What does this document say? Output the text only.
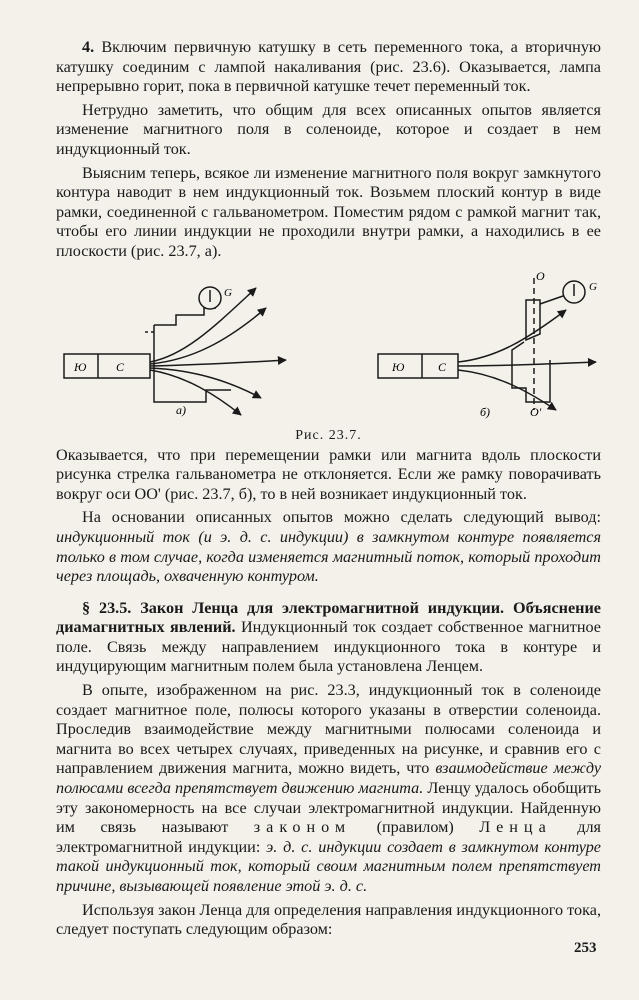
4. Включим первичную катушку в сеть переменного тока, а вторичную катушку соединим с лампой накаливания (рис. 23.6). Оказывается, лампа непрерывно горит, пока в первичной катушке течет переменный ток.

Нетрудно заметить, что общим для всех описанных опытов является изменение магнитного поля в соленоиде, которое и создает в нем индукционный ток.

Выясним теперь, всякое ли изменение магнитного поля вокруг замкнутого контура наводит в нем индукционный ток. Возьмем плоский контур в виде рамки, соединенной с гальванометром. Поместим рядом с рамкой магнит так, чтобы его линии индукции не проходили внутри рамки, а находились в ее плоскости (рис. 23.7, а).

Ю С
G
Ю	С
О
О'
G
а)	б)
Рис. 23.7.

Оказывается, что при перемещении рамки или магнита вдоль плоскости рисунка стрелка гальванометра не отклоняется. Если же рамку поворачивать вокруг оси ОО' (рис. 23.7, б), то в ней возникает индукционный ток.

На основании описанных опытов можно сделать следующий вывод: индукционный ток (и э. д. с. индукции) в замкнутом контуре появляется только в том случае, когда изменяется магнитный поток, который проходит через площадь, охваченную контуром.

§ 23.5. Закон Ленца для электромагнитной индукции. Объяснение диамагнитных явлений. Индукционный ток создает собственное магнитное поле. Связь между направлением индукционного тока в контуре и индуцирующим магнитным полем была установлена Ленцем.

В опыте, изображенном на рис. 23.3, индукционный ток в соленоиде создает магнитное поле, полюсы которого указаны в отверстии соленоида. Проследив взаимодействие между магнитными полюсами соленоида и магнита во всех четырех случаях, приведенных на рисунке, и сравнив его с направлением движения магнита, можно видеть, что взаимодействие между полюсами всегда препятствует движению магнита. Ленцу удалось обобщить эту закономерность на все случаи электромагнитной индукции. Найденную им связь называют законом (правилом) Ленца для электромагнитной индукции: э. д. с. индукции создает в замкнутом контуре такой индукционный ток, который своим магнитным полем препятствует причине, вызывающей появление этой э. д. с.

Используя закон Ленца для определения направления индукционного тока, следует поступать следующим образом:

253
